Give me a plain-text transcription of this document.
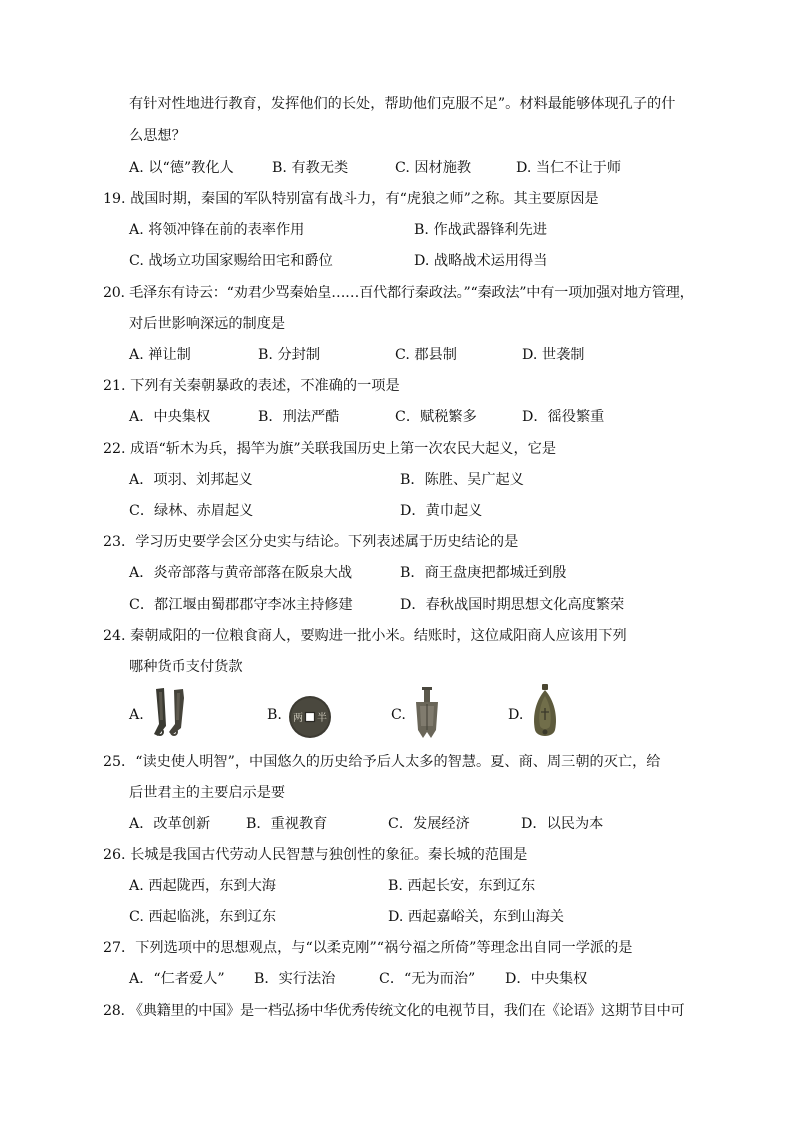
有针对性地进行教育，发挥他们的长处，帮助他们克服不足”。材料最能够体现孔子的什
么思想？
A. 以“德”教化人	B. 有教无类	C. 因材施教	D. 当仁不让于师
19. 战国时期，秦国的军队特别富有战斗力，有“虎狼之师”之称。其主要原因是
A. 将领冲锋在前的表率作用	B. 作战武器锋利先进
C. 战场立功国家赐给田宅和爵位	D. 战略战术运用得当
20. 毛泽东有诗云：“劝君少骂秦始皇……百代都行秦政法。”“秦政法”中有一项加强对地方管理，
对后世影响深远的制度是
A. 禅让制	B. 分封制	C. 郡县制	D. 世袭制
21. 下列有关秦朝暴政的表述，不准确的一项是
A．中央集权	B．刑法严酷	C．赋税繁多	D．徭役繁重
22. 成语“斩木为兵，揭竿为旗”关联我国历史上第一次农民大起义，它是
A．项羽、刘邦起义	B．陈胜、吴广起义
C．绿林、赤眉起义	D．黄巾起义
23．学习历史要学会区分史实与结论。下列表述属于历史结论的是
A．炎帝部落与黄帝部落在阪泉大战	B．商王盘庚把都城迁到殷
C．都江堰由蜀郡郡守李冰主持修建	D．春秋战国时期思想文化高度繁荣
24. 秦朝咸阳的一位粮食商人，要购进一批小米。结账时，这位咸阳商人应该用下列
哪种货币支付货款
A.	B. 两 半	C.	D.
25．“读史使人明智”，中国悠久的历史给予后人太多的智慧。夏、商、周三朝的灭亡，给
后世君主的主要启示是要
A．改革创新	B．重视教育	C．发展经济	D．以民为本
26. 长城是我国古代劳动人民智慧与独创性的象征。秦长城的范围是
A. 西起陇西，东到大海	B. 西起长安，东到辽东
C. 西起临洮，东到辽东	D. 西起嘉峪关，东到山海关
27．下列选项中的思想观点，与“以柔克刚”“祸兮福之所倚”等理念出自同一学派的是
A．“仁者爱人” B．实行法治	C．“无为而治” D．中央集权
28. 《典籍里的中国》是一档弘扬中华优秀传统文化的电视节目，我们在《论语》这期节目中可
